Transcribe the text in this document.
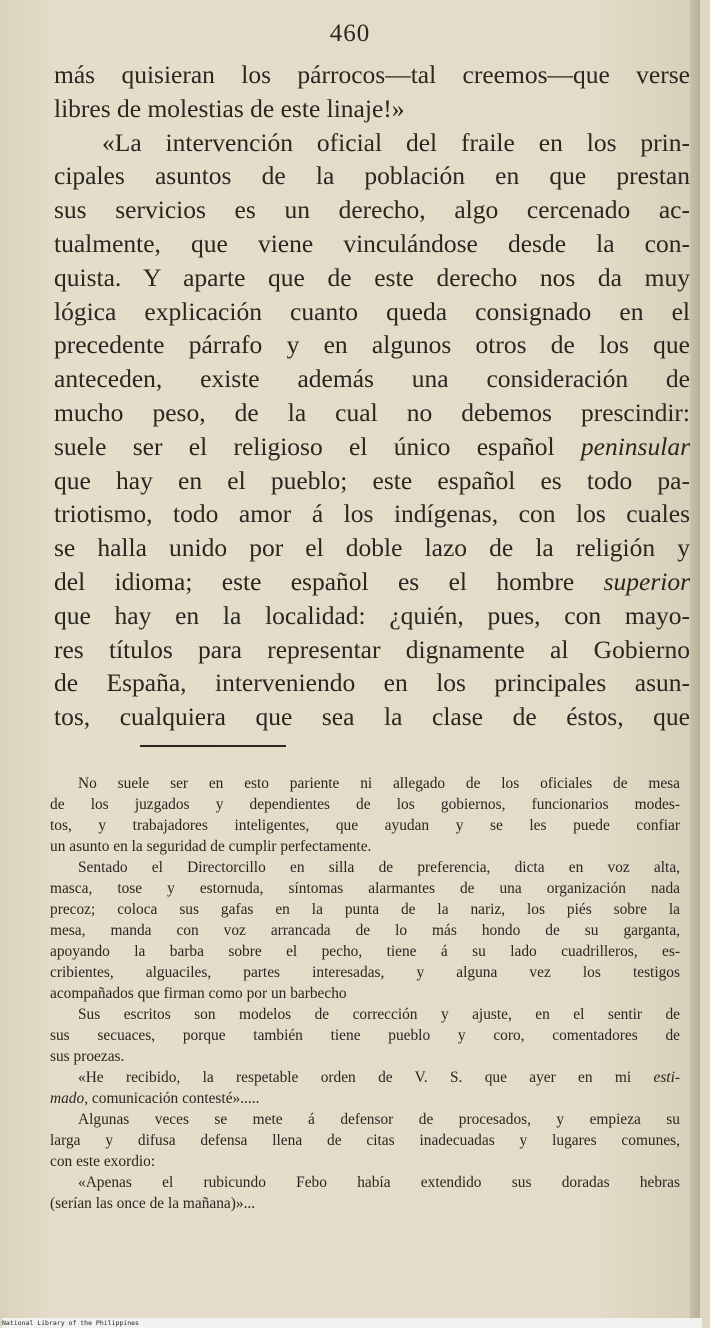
460
más quisieran los párrocos—tal creemos—que verse
libres de molestias de este linaje!»
«La intervención oficial del fraile en los prin-
cipales asuntos de la población en que prestan
sus servicios es un derecho, algo cercenado ac-
tualmente, que viene vinculándose desde la con-
quista. Y aparte que de este derecho nos da muy
lógica explicación cuanto queda consignado en el
precedente párrafo y en algunos otros de los que
anteceden, existe además una consideración de
mucho peso, de la cual no debemos prescindir:
suele ser el religioso el único español peninsular
que hay en el pueblo; este español es todo pa-
triotismo, todo amor á los indígenas, con los cuales
se halla unido por el doble lazo de la religión y
del idioma; este español es el hombre superior
que hay en la localidad: ¿quién, pues, con mayo-
res títulos para representar dignamente al Gobierno
de España, interveniendo en los principales asun-
tos, cualquiera que sea la clase de éstos, que
No suele ser en esto pariente ni allegado de los oficiales de mesa
de los juzgados y dependientes de los gobiernos, funcionarios modes-
tos, y trabajadores inteligentes, que ayudan y se les puede confiar
un asunto en la seguridad de cumplir perfectamente.
Sentado el Directorcillo en silla de preferencia, dicta en voz alta,
masca, tose y estornuda, síntomas alarmantes de una organización nada
precoz; coloca sus gafas en la punta de la nariz, los piés sobre la
mesa, manda con voz arrancada de lo más hondo de su garganta,
apoyando la barba sobre el pecho, tiene á su lado cuadrilleros, es-
cribientes, alguaciles, partes interesadas, y alguna vez los testigos
acompañados que firman como por un barbecho
Sus escritos son modelos de corrección y ajuste, en el sentir de
sus secuaces, porque también tiene pueblo y coro, comentadores de
sus proezas.
«He recibido, la respetable orden de V. S. que ayer en mi esti-
mado, comunicación contesté».....
Algunas veces se mete á defensor de procesados, y empieza su
larga y difusa defensa llena de citas inadecuadas y lugares comunes,
con este exordio:
«Apenas el rubicundo Febo había extendido sus doradas hebras
(serían las once de la mañana)»...
National Library of the Philippines
